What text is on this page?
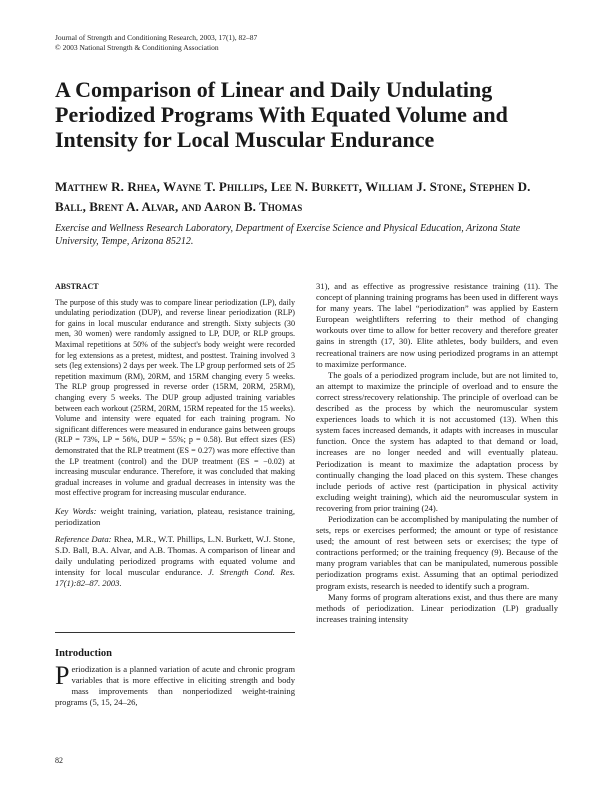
Journal of Strength and Conditioning Research, 2003, 17(1), 82–87
© 2003 National Strength & Conditioning Association
A Comparison of Linear and Daily Undulating Periodized Programs With Equated Volume and Intensity for Local Muscular Endurance
Matthew R. Rhea, Wayne T. Phillips, Lee N. Burkett, William J. Stone, Stephen D. Ball, Brent A. Alvar, and Aaron B. Thomas
Exercise and Wellness Research Laboratory, Department of Exercise Science and Physical Education, Arizona State University, Tempe, Arizona 85212.
ABSTRACT

The purpose of this study was to compare linear periodization (LP), daily undulating periodization (DUP), and reverse linear periodization (RLP) for gains in local muscular endurance and strength. Sixty subjects (30 men, 30 women) were randomly assigned to LP, DUP, or RLP groups. Maximal repetitions at 50% of the subject's body weight were recorded for leg extensions as a pretest, midtest, and posttest. Training involved 3 sets (leg extensions) 2 days per week. The LP group performed sets of 25 repetition maximum (RM), 20RM, and 15RM changing every 5 weeks. The RLP group progressed in reverse order (15RM, 20RM, 25RM), changing every 5 weeks. The DUP group adjusted training variables between each workout (25RM, 20RM, 15RM repeated for the 15 weeks). Volume and intensity were equated for each training program. No significant differences were measured in endurance gains between groups (RLP = 73%, LP = 56%, DUP = 55%; p = 0.58). But effect sizes (ES) demonstrated that the RLP treatment (ES = 0.27) was more effective than the LP treatment (control) and the DUP treatment (ES = −0.02) at increasing muscular endurance. Therefore, it was concluded that making gradual increases in volume and gradual decreases in intensity was the most effective program for increasing muscular endurance.

Key Words: weight training, variation, plateau, resistance training, periodization
Reference Data: Rhea, M.R., W.T. Phillips, L.N. Burkett, W.J. Stone, S.D. Ball, B.A. Alvar, and A.B. Thomas. A comparison of linear and daily undulating periodized programs with equated volume and intensity for local muscular endurance. J. Strength Cond. Res. 17(1):82–87. 2003.
Introduction
Periodization is a planned variation of acute and chronic program variables that is more effective in eliciting strength and body mass improvements than nonperiodized weight-training programs (5, 15, 24–26,

31), and as effective as progressive resistance training (11). The concept of planning training programs has been used in different ways for many years. The label “periodization” was applied by Eastern European weightlifters referring to their method of changing workouts over time to allow for better recovery and therefore greater gains in strength (17, 30). Elite athletes, body builders, and even recreational trainers are now using periodized programs in an attempt to maximize performance.

The goals of a periodized program include, but are not limited to, an attempt to maximize the principle of overload and to ensure the correct stress/recovery relationship. The principle of overload can be described as the process by which the neuromuscular system experiences loads to which it is not accustomed (13). When this system faces increased demands, it adapts with increases in muscular function. Once the system has adapted to that demand or load, increases are no longer needed and will eventually plateau. Periodization is meant to maximize the adaptation process by continually changing the load placed on this system. These changes include periods of active rest (participation in physical activity excluding weight training), which aid the neuromuscular system in recovering from prior training (24).

Periodization can be accomplished by manipulating the number of sets, reps or exercises performed; the amount or type of resistance used; the amount of rest between sets or exercises; the type of contractions performed; or the training frequency (9). Because of the many program variables that can be manipulated, numerous possible periodization programs exist. Assuming that an optimal periodized program exists, research is needed to identify such a program.

Many forms of program alterations exist, and thus there are many methods of periodization. Linear periodization (LP) gradually increases training intensity

82
